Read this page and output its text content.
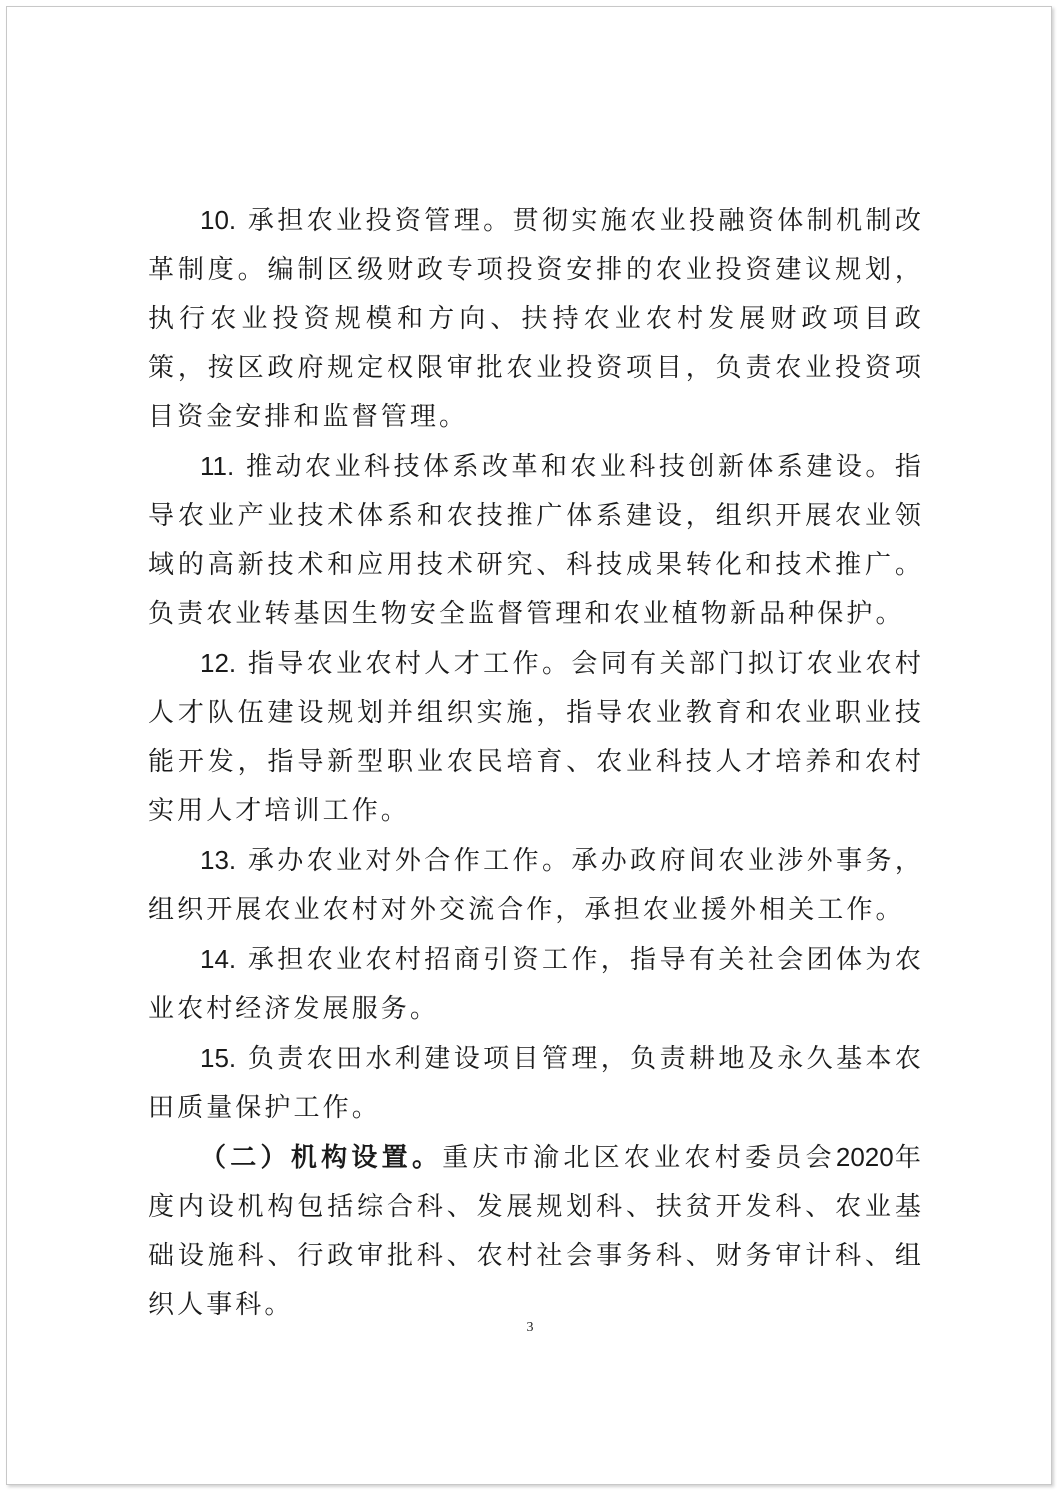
10. 承担农业投资管理。贯彻实施农业投融资体制机制改革制度。编制区级财政专项投资安排的农业投资建议规划，执行农业投资规模和方向、扶持农业农村发展财政项目政策，按区政府规定权限审批农业投资项目，负责农业投资项目资金安排和监督管理。

11. 推动农业科技体系改革和农业科技创新体系建设。指导农业产业技术体系和农技推广体系建设，组织开展农业领域的高新技术和应用技术研究、科技成果转化和技术推广。负责农业转基因生物安全监督管理和农业植物新品种保护。

12. 指导农业农村人才工作。会同有关部门拟订农业农村人才队伍建设规划并组织实施，指导农业教育和农业职业技能开发，指导新型职业农民培育、农业科技人才培养和农村实用人才培训工作。

13. 承办农业对外合作工作。承办政府间农业涉外事务，组织开展农业农村对外交流合作，承担农业援外相关工作。

14. 承担农业农村招商引资工作，指导有关社会团体为农业农村经济发展服务。

15. 负责农田水利建设项目管理，负责耕地及永久基本农田质量保护工作。

（二）机构设置。重庆市渝北区农业农村委员会2020年度内设机构包括综合科、发展规划科、扶贫开发科、农业基础设施科、行政审批科、农村社会事务科、财务审计科、组织人事科。

3
